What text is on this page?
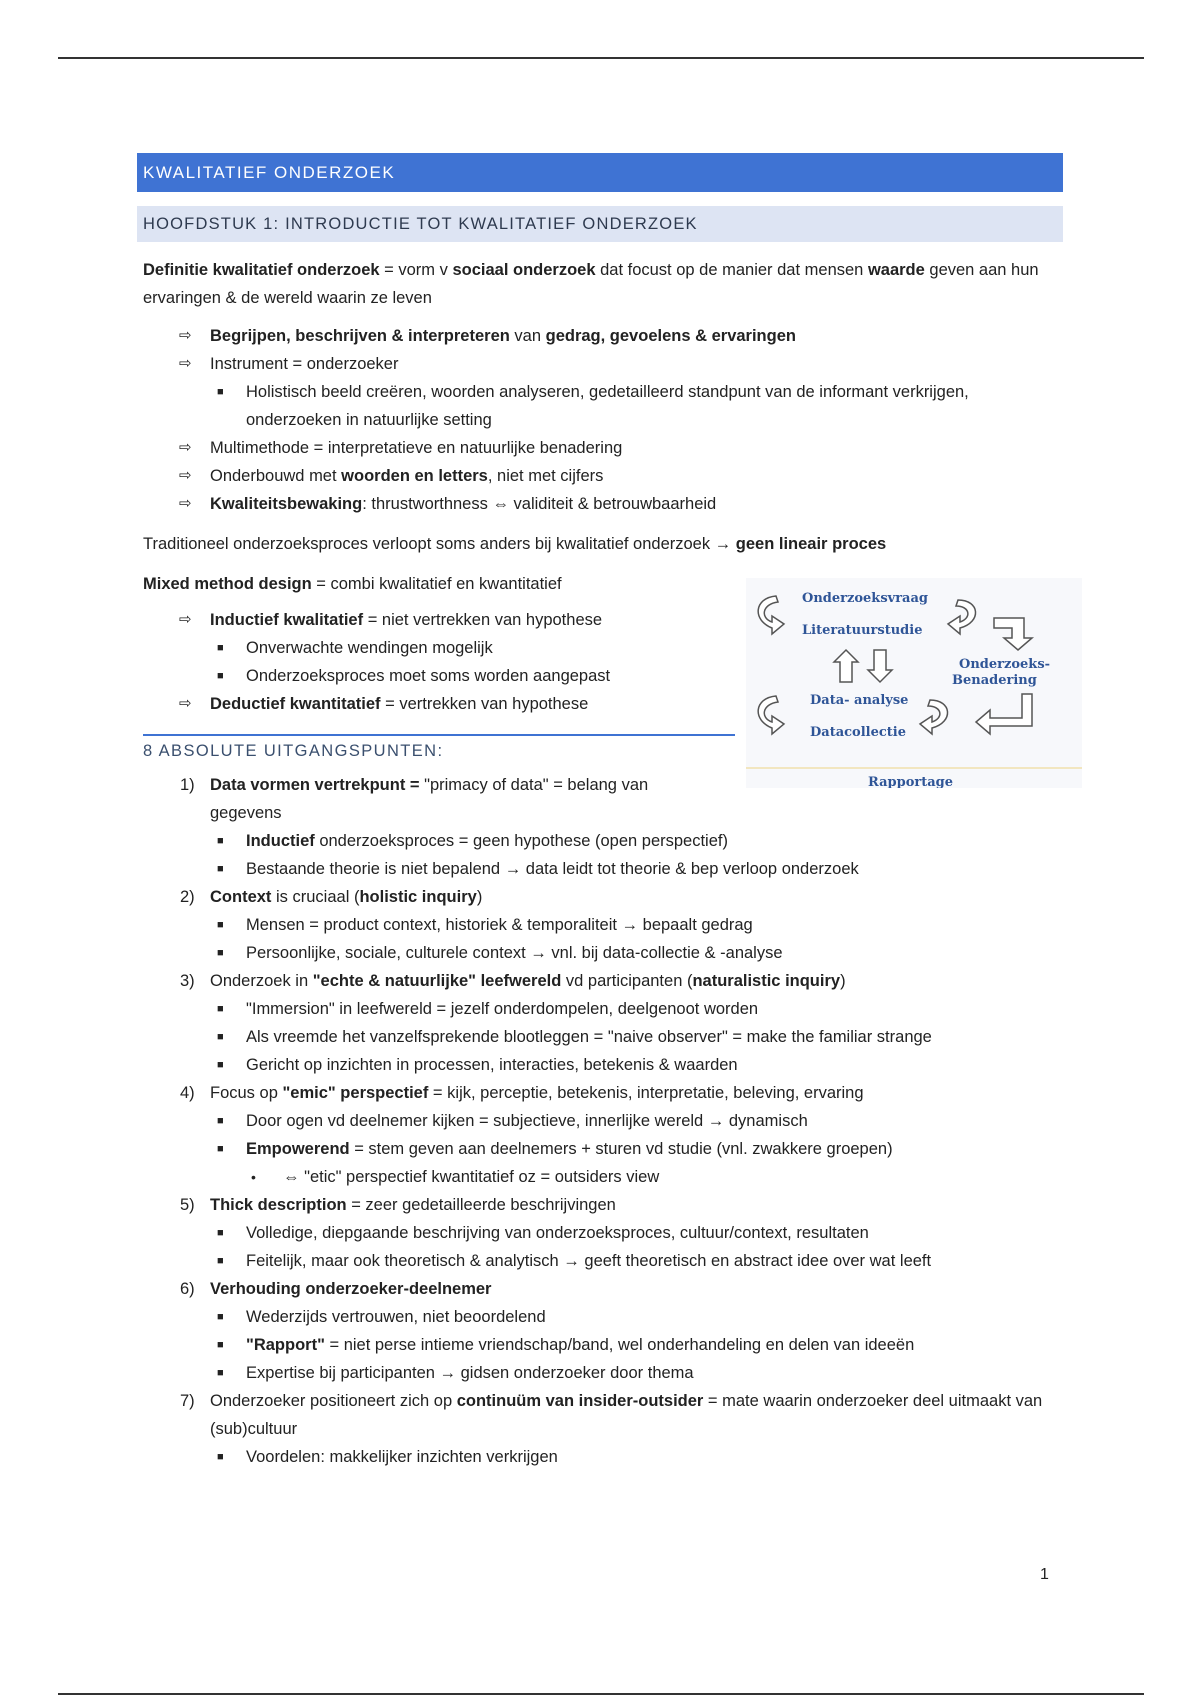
KWALITATIEF ONDERZOEK
HOOFDSTUK 1: INTRODUCTIE TOT KWALITATIEF ONDERZOEK
Definitie kwalitatief onderzoek = vorm v sociaal onderzoek dat focust op de manier dat mensen waarde geven aan hun ervaringen & de wereld waarin ze leven
⇨ Begrijpen, beschrijven & interpreteren van gedrag, gevoelens & ervaringen
⇨ Instrument = onderzoeker
■ Holistisch beeld creëren, woorden analyseren, gedetailleerd standpunt van de informant verkrijgen, onderzoeken in natuurlijke setting
⇨ Multimethode = interpretatieve en natuurlijke benadering
⇨ Onderbouwd met woorden en letters, niet met cijfers
⇨ Kwaliteitsbewaking: thrustworthness ⇔ validiteit & betrouwbaarheid
Traditioneel onderzoeksproces verloopt soms anders bij kwalitatief onderzoek → geen lineair proces
Mixed method design = combi kwalitatief en kwantitatief
⇨ Inductief kwalitatief = niet vertrekken van hypothese
■ Onverwachte wendingen mogelijk
■ Onderzoeksproces moet soms worden aangepast
⇨ Deductief kwantitatief = vertrekken van hypothese
8 ABSOLUTE UITGANGSPUNTEN:
1) Data vormen vertrekpunt = "primacy of data" = belang van gegevens
■ Inductief onderzoeksproces = geen hypothese (open perspectief)
■ Bestaande theorie is niet bepalend → data leidt tot theorie & bep verloop onderzoek
2) Context is cruciaal (holistic inquiry)
■ Mensen = product context, historiek & temporaliteit → bepaalt gedrag
■ Persoonlijke, sociale, culturele context → vnl. bij data-collectie & -analyse
3) Onderzoek in "echte & natuurlijke" leefwereld vd participanten (naturalistic inquiry)
■ "Immersion" in leefwereld = jezelf onderdompelen, deelgenoot worden
■ Als vreemde het vanzelfsprekende blootleggen = "naive observer" = make the familiar strange
■ Gericht op inzichten in processen, interacties, betekenis & waarden
4) Focus op "emic" perspectief = kijk, perceptie, betekenis, interpretatie, beleving, ervaring
■ Door ogen vd deelnemer kijken = subjectieve, innerlijke wereld → dynamisch
■ Empowerend = stem geven aan deelnemers + sturen vd studie (vnl. zwakkere groepen)
• ⇔ "etic" perspectief kwantitatief oz = outsiders view
5) Thick description = zeer gedetailleerde beschrijvingen
■ Volledige, diepgaande beschrijving van onderzoeksproces, cultuur/context, resultaten
■ Feitelijk, maar ook theoretisch & analytisch → geeft theoretisch en abstract idee over wat leeft
6) Verhouding onderzoeker-deelnemer
■ Wederzijds vertrouwen, niet beoordelend
■ "Rapport" = niet perse intieme vriendschap/band, wel onderhandeling en delen van ideeën
■ Expertise bij participanten → gidsen onderzoeker door thema
7) Onderzoeker positioneert zich op continuüm van insider-outsider = mate waarin onderzoeker deel uitmaakt van (sub)cultuur
■ Voordelen: makkelijker inzichten verkrijgen
Onderzoeksvraag
Literatuurstudie
Onderzoeks-
Benadering
Data- analyse
Datacollectie
Rapportage
1
